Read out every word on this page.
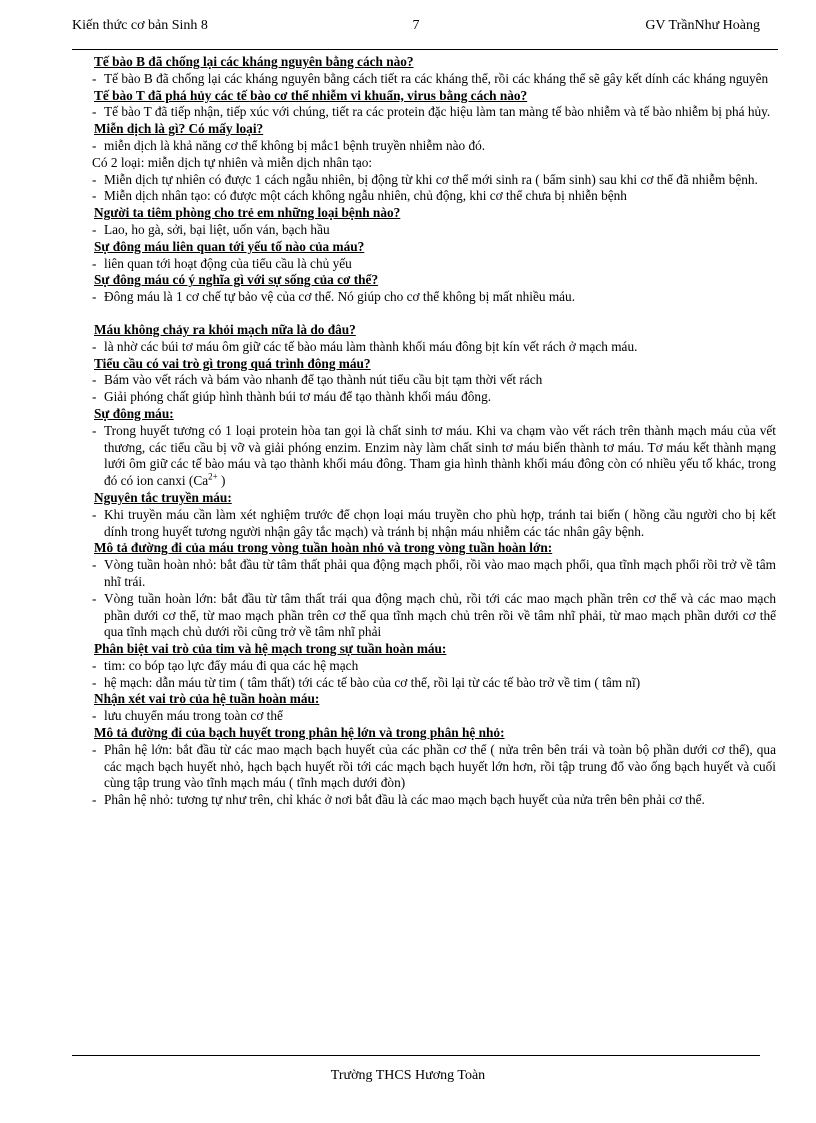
Kiến thức cơ bản Sinh 8	7	GV TrầnNhư Hoàng

Tế bào B đã chống lại các kháng nguyên bằng cách nào?

- Tế bào B đã chống lại các kháng nguyên bằng cách tiết ra các kháng thể, rồi các kháng thể sẽ gây kết dính các kháng nguyên

Tế bào T đã phá hủy các tế bào cơ thể nhiễm vi khuẩn, virus bằng cách nào?

- Tế bào T đã tiếp nhận, tiếp xúc với chúng, tiết ra các protein đặc hiệu làm tan màng tế bào nhiễm và tế bào nhiễm bị phá hủy.

Miễn dịch là gì? Có mấy loại?

- miễn dịch là khả năng cơ thể không bị mắc1 bệnh truyền nhiễm nào đó.

Có 2 loại: miễn dịch tự nhiên và miễn dịch nhân tạo:

- Miễn dịch tự nhiên có được 1 cách ngẫu nhiên, bị động từ khi cơ thể mới sinh ra ( bẩm sinh) sau khi cơ thể đã nhiễm bệnh.

- Miễn dịch nhân tạo: có được một cách không ngẫu nhiên, chủ động, khi cơ thể chưa bị nhiễn bệnh

Người ta tiêm phòng cho trẻ em những loại bệnh nào?

- Lao, ho gà, sởi, bại liệt, uốn ván, bạch hầu

Sự đông máu liên quan tới yếu tố nào của máu?

- liên quan tới hoạt động của tiểu cầu là chủ yếu

Sự đông máu có ý nghĩa gì với sự sống của cơ thể?

- Đông máu là 1 cơ chế tự bảo vệ của cơ thể. Nó giúp cho cơ thể không bị mất nhiều máu.

Máu không chảy ra khỏi mạch nữa là do đâu?

- là nhờ các búi tơ máu ôm giữ các tế bào máu làm thành khối máu đông bịt kín vết rách ở mạch máu.

Tiểu cầu có vai trò gì trong quá trình đông máu?

- Bám vào vết rách và bám vào nhanh để tạo thành nút tiểu cầu bịt tạm thời vết rách

- Giải phóng chất giúp hình thành búi tơ máu để tạo thành khối máu đông.

Sự đông máu:

- Trong huyết tương có 1 loại protein hòa tan gọi là chất sinh tơ máu. Khi va chạm vào vết rách trên thành mạch máu của vết thương, các tiểu cầu bị vỡ và giải phóng enzim. Enzim này làm chất sinh tơ máu biến thành tơ máu. Tơ máu kết thành mạng lưới ôm giữ các tế bào máu và tạo thành khối máu đông. Tham gia hình thành khối máu đông còn có nhiều yếu tố khác, trong đó có ion canxi ($Ca^{2+}$ )

Nguyên tắc truyền máu:

- Khi truyền máu cần làm xét nghiệm trước để chọn loại máu truyền cho phù hợp, tránh tai biến ( hồng cầu người cho bị kết dính trong huyết tương người nhận gây tắc mạch) và tránh bị nhận máu nhiễm các tác nhân gây bệnh.

Mô tả đường đi của máu trong vòng tuần hoàn nhỏ và trong vòng tuần hoàn lớn:

- Vòng tuần hoàn nhỏ: bắt đầu từ tâm thất phải qua động mạch phổi, rồi vào mao mạch phổi, qua tĩnh mạch phổi rồi trở về tâm nhĩ trái.

- Vòng tuần hoàn lớn: bắt đầu từ tâm thất trái qua động mạch chủ, rồi tới các mao mạch phần trên cơ thể và các mao mạch phần dưới cơ thể, từ mao mạch phần trên cơ thể qua tĩnh mạch chủ trên rồi về tâm nhĩ phải, từ mao mạch phần dưới cơ thể qua tĩnh mạch chủ dưới rồi cũng trở về tâm nhĩ phải

Phân biệt vai trò của tim và hệ mạch trong sự tuần hoàn máu:

- tim: co bóp tạo lực đẩy máu đi qua các hệ mạch

- hệ mạch: dẫn máu từ tim ( tâm thất) tới các tế bào của cơ thể, rồi lại từ các tế bào trở về tim ( tâm nĩ)

Nhận xét vai trò của hệ tuần hoàn máu:

- lưu chuyển máu trong toàn cơ thể

Mô tả đường đi của bạch huyết trong phân hệ lớn và trong phân hệ nhỏ:

- Phân hệ lớn: bắt đầu từ các mao mạch bạch huyết của các phần cơ thể ( nửa trên bên trái và toàn bộ phần dưới cơ thể), qua các mạch bạch huyết nhỏ, hạch bạch huyết rồi tới các mạch bạch huyết lớn hơn, rồi tập trung đổ vào ống bạch huyết và cuối cùng tập trung vào tĩnh mạch máu ( tĩnh mạch dưới đòn)

- Phân hệ nhỏ: tương tự như trên, chỉ khác ở nơi bắt đầu là các mao mạch bạch huyết của nửa trên bên phải cơ thể.

Trường THCS Hương Toàn
